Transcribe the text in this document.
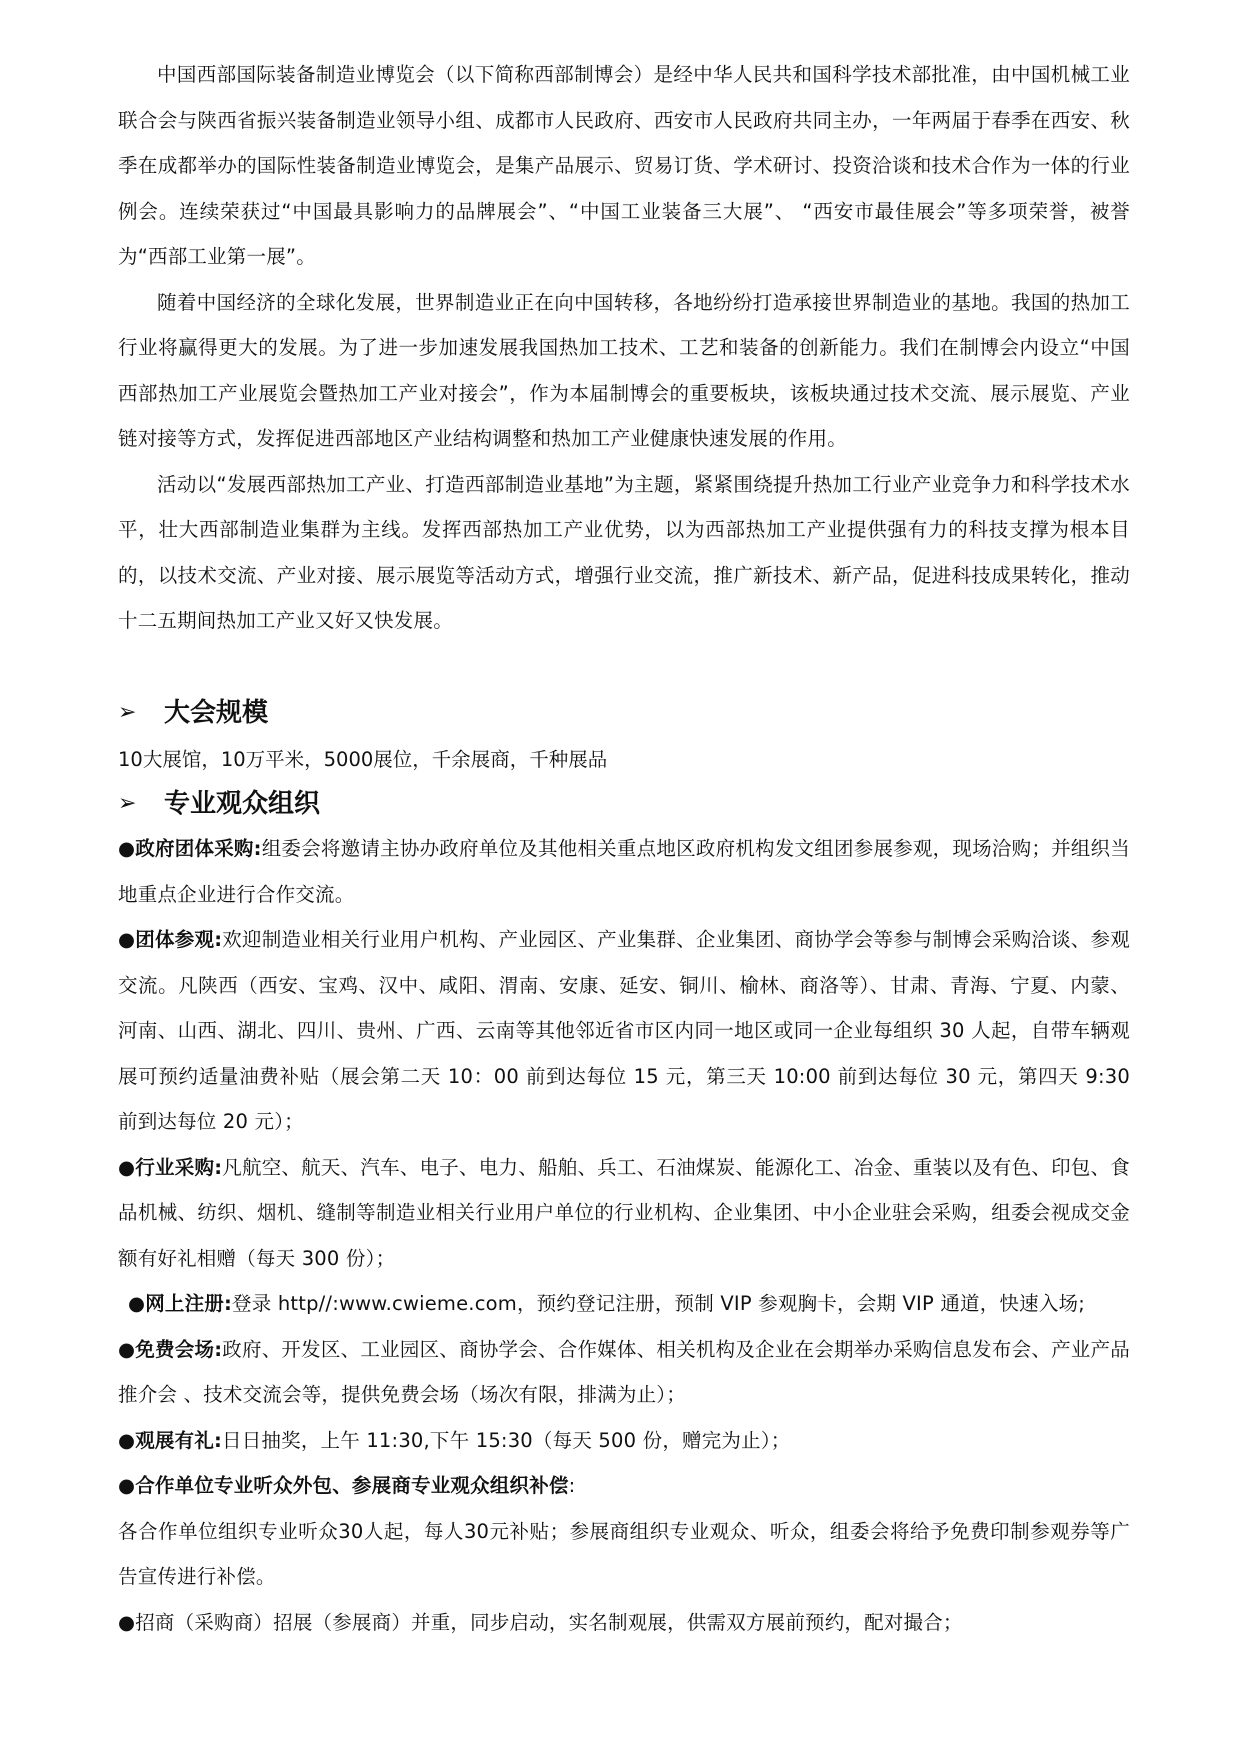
中国西部国际装备制造业博览会（以下简称西部制博会）是经中华人民共和国科学技术部批准，由中国机械工业联合会与陕西省振兴装备制造业领导小组、成都市人民政府、西安市人民政府共同主办，一年两届于春季在西安、秋季在成都举办的国际性装备制造业博览会，是集产品展示、贸易订货、学术研讨、投资洽谈和技术合作为一体的行业例会。连续荣获过“中国最具影响力的品牌展会”、“中国工业装备三大展”、 “西安市最佳展会”等多项荣誉，被誉为“西部工业第一展”。

随着中国经济的全球化发展，世界制造业正在向中国转移，各地纷纷打造承接世界制造业的基地。我国的热加工行业将赢得更大的发展。为了进一步加速发展我国热加工技术、工艺和装备的创新能力。我们在制博会内设立“中国西部热加工产业展览会暨热加工产业对接会”，作为本届制博会的重要板块，该板块通过技术交流、展示展览、产业链对接等方式，发挥促进西部地区产业结构调整和热加工产业健康快速发展的作用。

活动以“发展西部热加工产业、打造西部制造业基地”为主题，紧紧围绕提升热加工行业产业竞争力和科学技术水平，壮大西部制造业集群为主线。发挥西部热加工产业优势，以为西部热加工产业提供强有力的科技支撑为根本目的，以技术交流、产业对接、展示展览等活动方式，增强行业交流，推广新技术、新产品，促进科技成果转化，推动十二五期间热加工产业又好又快发展。

➢	大会规模
10大展馆，10万平米，5000展位，千余展商，千种展品
➢	专业观众组织

●政府团体采购:组委会将邀请主协办政府单位及其他相关重点地区政府机构发文组团参展参观，现场洽购；并组织当地重点企业进行合作交流。

●团体参观:欢迎制造业相关行业用户机构、产业园区、产业集群、企业集团、商协学会等参与制博会采购洽谈、参观交流。凡陕西（西安、宝鸡、汉中、咸阳、渭南、安康、延安、铜川、榆林、商洛等）、甘肃、青海、宁夏、内蒙、河南、山西、湖北、四川、贵州、广西、云南等其他邻近省市区内同一地区或同一企业每组织 30 人起，自带车辆观展可预约适量油费补贴（展会第二天 10：00 前到达每位 15 元，第三天 10:00 前到达每位 30 元，第四天 9:30 前到达每位 20 元）；

●行业采购:凡航空、航天、汽车、电子、电力、船舶、兵工、石油煤炭、能源化工、冶金、重装以及有色、印包、食品机械、纺织、烟机、缝制等制造业相关行业用户单位的行业机构、企业集团、中小企业驻会采购，组委会视成交金额有好礼相赠（每天 300 份）；

●网上注册:登录 http//:www.cwieme.com，预约登记注册，预制 VIP 参观胸卡，会期 VIP 通道，快速入场;

●免费会场:政府、开发区、工业园区、商协学会、合作媒体、相关机构及企业在会期举办采购信息发布会、产业产品推介会 、技术交流会等，提供免费会场（场次有限，排满为止）；

●观展有礼:日日抽奖，上午 11:30,下午 15:30（每天 500 份，赠完为止）；

●合作单位专业听众外包、参展商专业观众组织补偿:

各合作单位组织专业听众30人起，每人30元补贴；参展商组织专业观众、听众，组委会将给予免费印制参观券等广告宣传进行补偿。

●招商（采购商）招展（参展商）并重，同步启动，实名制观展，供需双方展前预约，配对撮合；
